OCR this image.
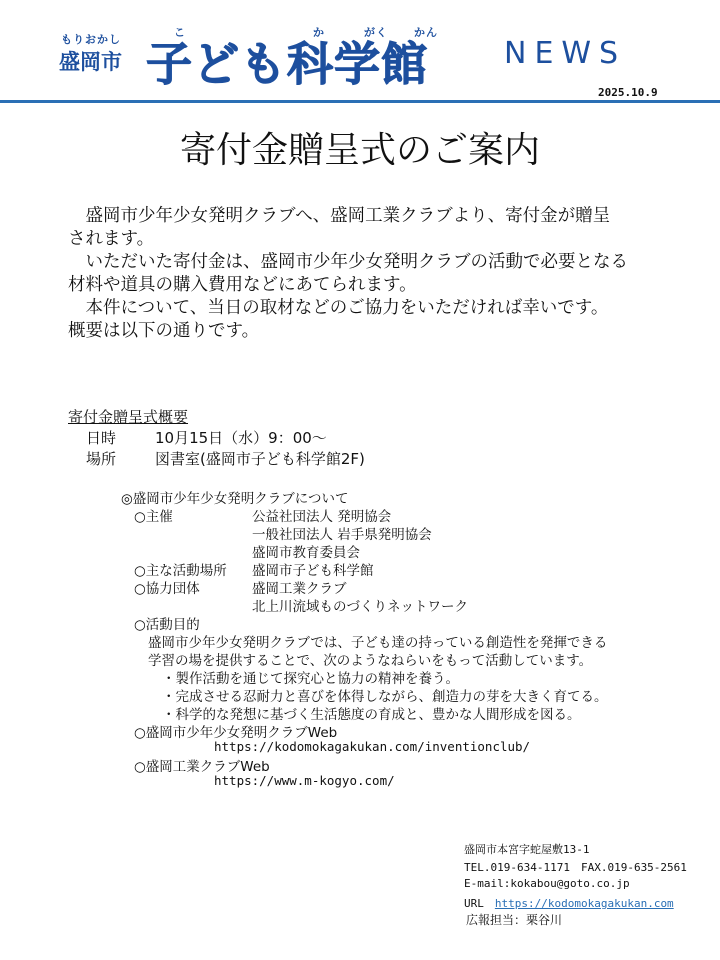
もりおかし
盛岡市
こ	か	がく かん
子ども科学館	NEWS
2025.10.9
寄付金贈呈式のご案内
　盛岡市少年少女発明クラブへ、盛岡工業クラブより、寄付金が贈呈
されます。
　いただいた寄付金は、盛岡市少年少女発明クラブの活動で必要となる
材料や道具の購入費用などにあてられます。
　本件について、当日の取材などのご協力をいただければ幸いです。
概要は以下の通りです。
寄付金贈呈式概要
日時	10月15日（水）9：00～
場所	図書室(盛岡市子ども科学館2F)
◎盛岡市少年少女発明クラブについて
○主催	公益社団法人 発明協会
一般社団法人 岩手県発明協会
盛岡市教育委員会
○主な活動場所 盛岡市子ども科学館
○協力団体	盛岡工業クラブ
北上川流域ものづくりネットワーク
○活動目的
盛岡市少年少女発明クラブでは、子ども達の持っている創造性を発揮できる
学習の場を提供することで、次のようなねらいをもって活動しています。
・製作活動を通じて探究心と協力の精神を養う。
・完成させる忍耐力と喜びを体得しながら、創造力の芽を大きく育てる。
・科学的な発想に基づく生活態度の育成と、豊かな人間形成を図る。
○盛岡市少年少女発明クラブWeb
https://kodomokagakukan.com/inventionclub/
○盛岡工業クラブWeb
https://www.m-kogyo.com/
盛岡市本宮字蛇屋敷13-1
TEL.019-634-1171　FAX.019-635-2561
E-mail:kokabou@goto.co.jp
URL　https://kodomokagakukan.com
広報担当：栗谷川
